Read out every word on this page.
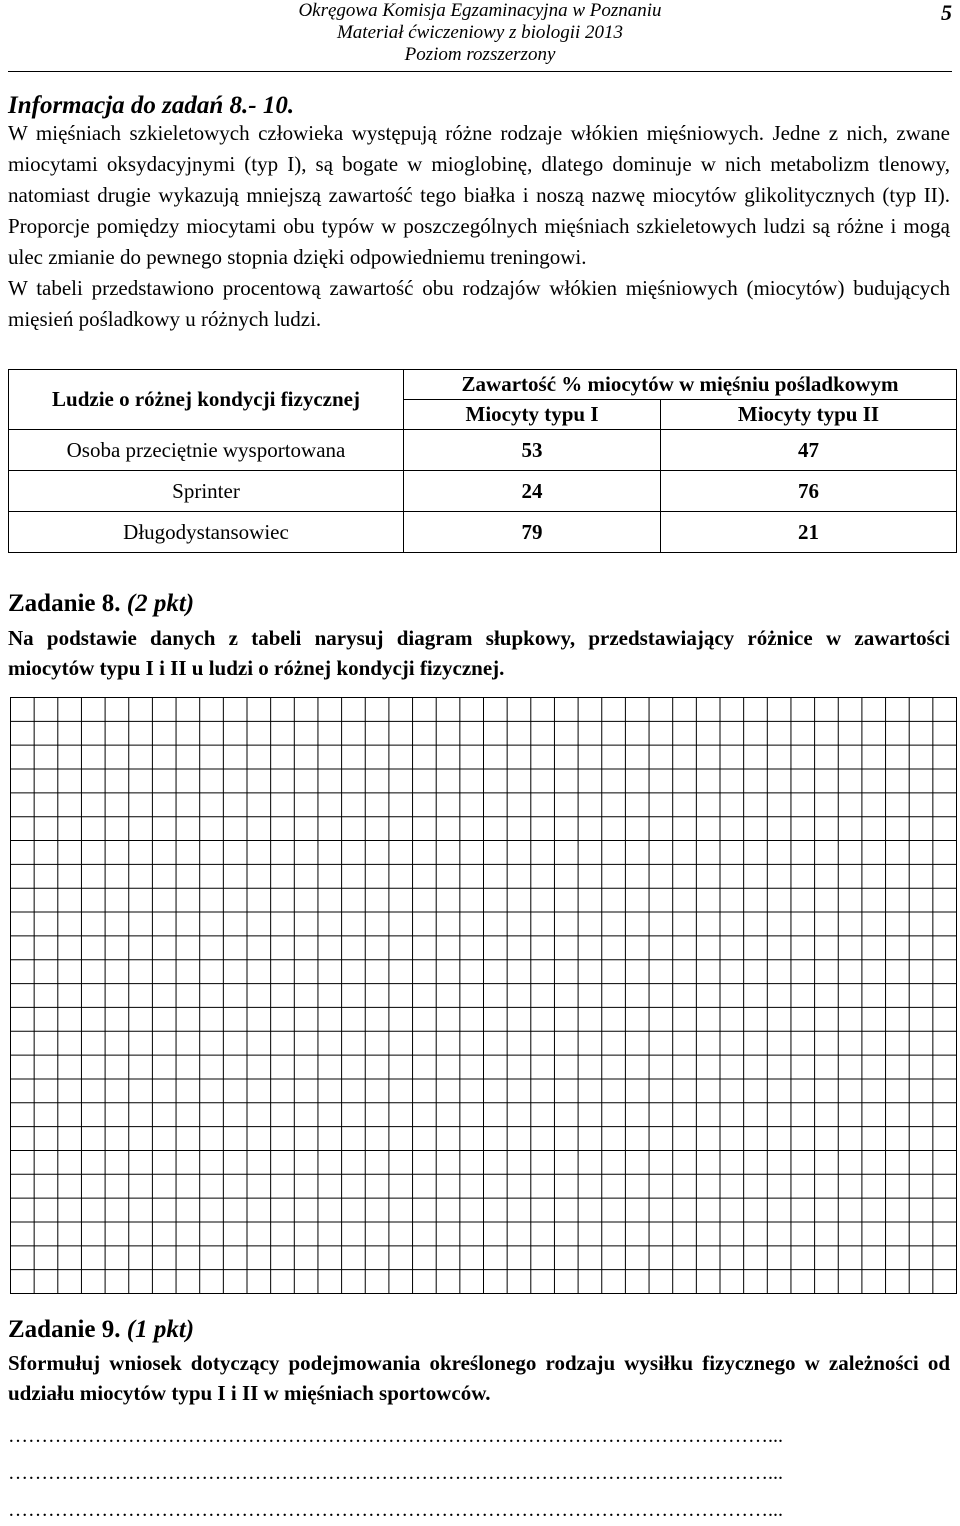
Okręgowa Komisja Egzaminacyjna w Poznaniu
Materiał ćwiczeniowy z biologii 2013
Poziom rozszerzony
5
Informacja do zadań 8.- 10.

W mięśniach szkieletowych człowieka występują różne rodzaje włókien mięśniowych. Jedne z nich, zwane miocytami oksydacyjnymi (typ I), są bogate w mioglobinę, dlatego dominuje w nich metabolizm tlenowy, natomiast drugie wykazują mniejszą zawartość tego białka i noszą nazwę miocytów glikolitycznych (typ II). Proporcje pomiędzy miocytami obu typów w poszczególnych mięśniach szkieletowych ludzi są różne i mogą ulec zmianie do pewnego stopnia dzięki odpowiedniemu treningowi.

W tabeli przedstawiono procentową zawartość obu rodzajów włókien mięśniowych (miocytów) budujących mięsień pośladkowy u różnych ludzi.

Ludzie o różnej kondycji fizycznej	Zawartość % miocytów w mięśniu pośladkowym	
	Miocyty typu I	Miocyty typu II
Osoba przeciętnie wysportowana	53	47
Sprinter	24	76
Długodystansowiec	79	21
Zadanie 8. (2 pkt)
Na podstawie danych z tabeli narysuj diagram słupkowy, przedstawiający różnice w zawartości miocytów typu I i II u ludzi o różnej kondycji fizycznej.
Zadanie 9. (1 pkt)
Sformułuj wniosek dotyczący podejmowania określonego rodzaju wysiłku fizycznego w zależności od udziału miocytów typu I i II w mięśniach sportowców.
……………………………………………………………………………………………………...
……………………………………………………………………………………………………...
……………………………………………………………………………………………………...
